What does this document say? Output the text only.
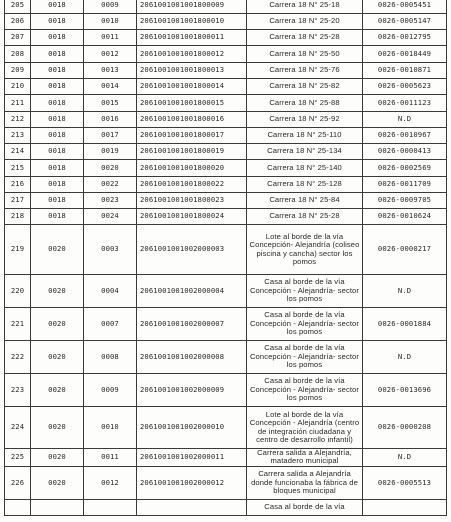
205	0018	0009	2061001001001800009	Carrera 18 N° 25-18	0026-0005451
206	0018	0010	2061001001001800010	Carrera 18 N° 25-20	0026-0005147
207	0018	0011	2061001001001800011	Carrera 18 N° 25-28	0026-0012795
208	0018	0012	2061001001001800012	Carrera 18 N° 25-50	0026-0018449
209	0018	0013	2061001001001800013	Carrera 18 N° 25-76	0026-0010871
210	0018	0014	2061001001001800014	Carrera 18 N° 25-82	0026-0005623
211	0018	0015	2061001001001800015	Carrera 18 N° 25-88	0026-0011123
212	0018	0016	2061001001001800016	Carrera 18 N° 25-92	N.D
213	0018	0017	2061001001001800017	Carrera 18 N° 25-110	0026-0010967
214	0018	0019	2061001001001800019	Carrera 18 N° 25-134	0026-0000413
215	0018	0020	2061001001001800020	Carrera 18 N° 25-140	0026-0002569
216	0018	0022	2061001001001800022	Carrera 18 N° 25-128	0026-0011709
217	0018	0023	2061001001001800023	Carrera 18 N° 25-84	0026-0009705
218	0018	0024	2061001001001800024	Carrera 18 N° 25-28	0026-0010624
219	0020	0003	2061001001002000003	Lote al borde de la vía Concepción- Alejandría (coliseo piscina y cancha) sector los pomos	0026-0000217
220	0020	0004	2061001001002000004	Casa al borde de la vía Concepción - Alejandría- sector los pomos	N.D
221	0020	0007	2061001001002000007	Casa al borde de la vía Concepción - Alejandría- sector los pomos	0026-0001884
222	0020	0008	2061001001002000008	Casa al borde de la vía Concepción - Alejandría- sector los pomos	N.D
223	0020	0009	2061001001002000009	Casa al borde de la vía Concepción - Alejandría- sector los pomos	0026-0013696
224	0020	0010	2061001001002000010	Lote al borde de la vía Concepción - Alejandría (centro de integración ciudadana y centro de desarrollo infantil)	0026-0000208
225	0020	0011	2061001001002000011	Carrera salida a Alejandría, matadero municipal	N.D
226	0020	0012	2061001001002000012	Carrera salida a Alejandría donde funcionaba la fábrica de bloques municipal	0026-0005513
				Casa al borde de la vía	
